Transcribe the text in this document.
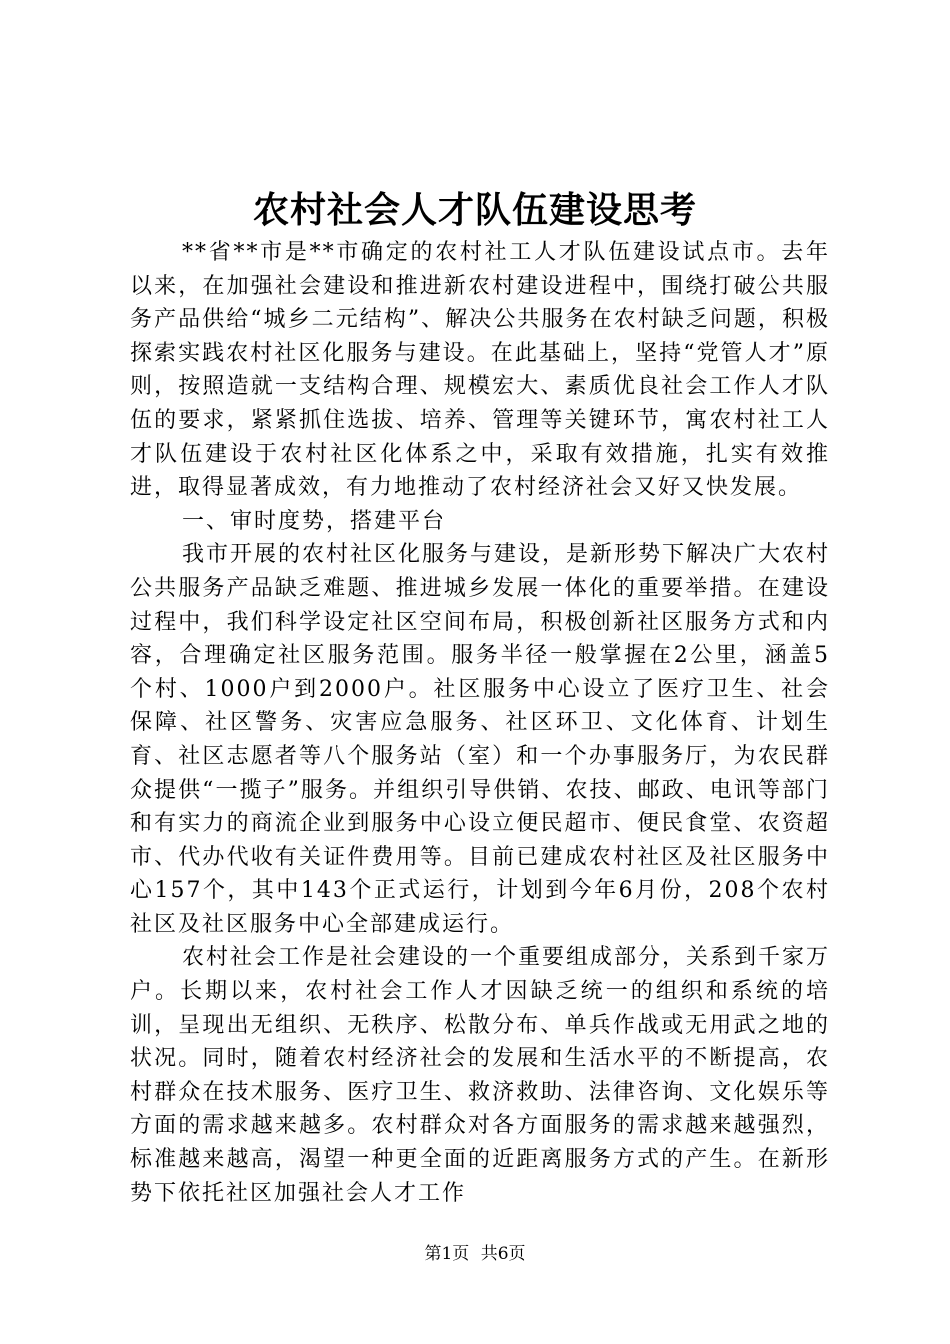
农村社会人才队伍建设思考

**省**市是**市确定的农村社工人才队伍建设试点市。去年以来，在加强社会建设和推进新农村建设进程中，围绕打破公共服务产品供给“城乡二元结构”、解决公共服务在农村缺乏问题，积极探索实践农村社区化服务与建设。在此基础上，坚持“党管人才”原则，按照造就一支结构合理、规模宏大、素质优良社会工作人才队伍的要求，紧紧抓住选拔、培养、管理等关键环节，寓农村社工人才队伍建设于农村社区化体系之中，采取有效措施，扎实有效推进，取得显著成效，有力地推动了农村经济社会又好又快发展。

一、审时度势，搭建平台

我市开展的农村社区化服务与建设，是新形势下解决广大农村公共服务产品缺乏难题、推进城乡发展一体化的重要举措。在建设过程中，我们科学设定社区空间布局，积极创新社区服务方式和内容，合理确定社区服务范围。服务半径一般掌握在2公里，涵盖5个村、1000户到2000户。社区服务中心设立了医疗卫生、社会保障、社区警务、灾害应急服务、社区环卫、文化体育、计划生育、社区志愿者等八个服务站（室）和一个办事服务厅，为农民群众提供“一揽子”服务。并组织引导供销、农技、邮政、电讯等部门和有实力的商流企业到服务中心设立便民超市、便民食堂、农资超市、代办代收有关证件费用等。目前已建成农村社区及社区服务中心157个，其中143个正式运行，计划到今年6月份，208个农村社区及社区服务中心全部建成运行。

农村社会工作是社会建设的一个重要组成部分，关系到千家万户。长期以来，农村社会工作人才因缺乏统一的组织和系统的培训，呈现出无组织、无秩序、松散分布、单兵作战或无用武之地的状况。同时，随着农村经济社会的发展和生活水平的不断提高，农村群众在技术服务、医疗卫生、救济救助、法律咨询、文化娱乐等方面的需求越来越多。农村群众对各方面服务的需求越来越强烈，标准越来越高，渴望一种更全面的近距离服务方式的产生。在新形势下依托社区加强社会人才工作

第1页 共6页
